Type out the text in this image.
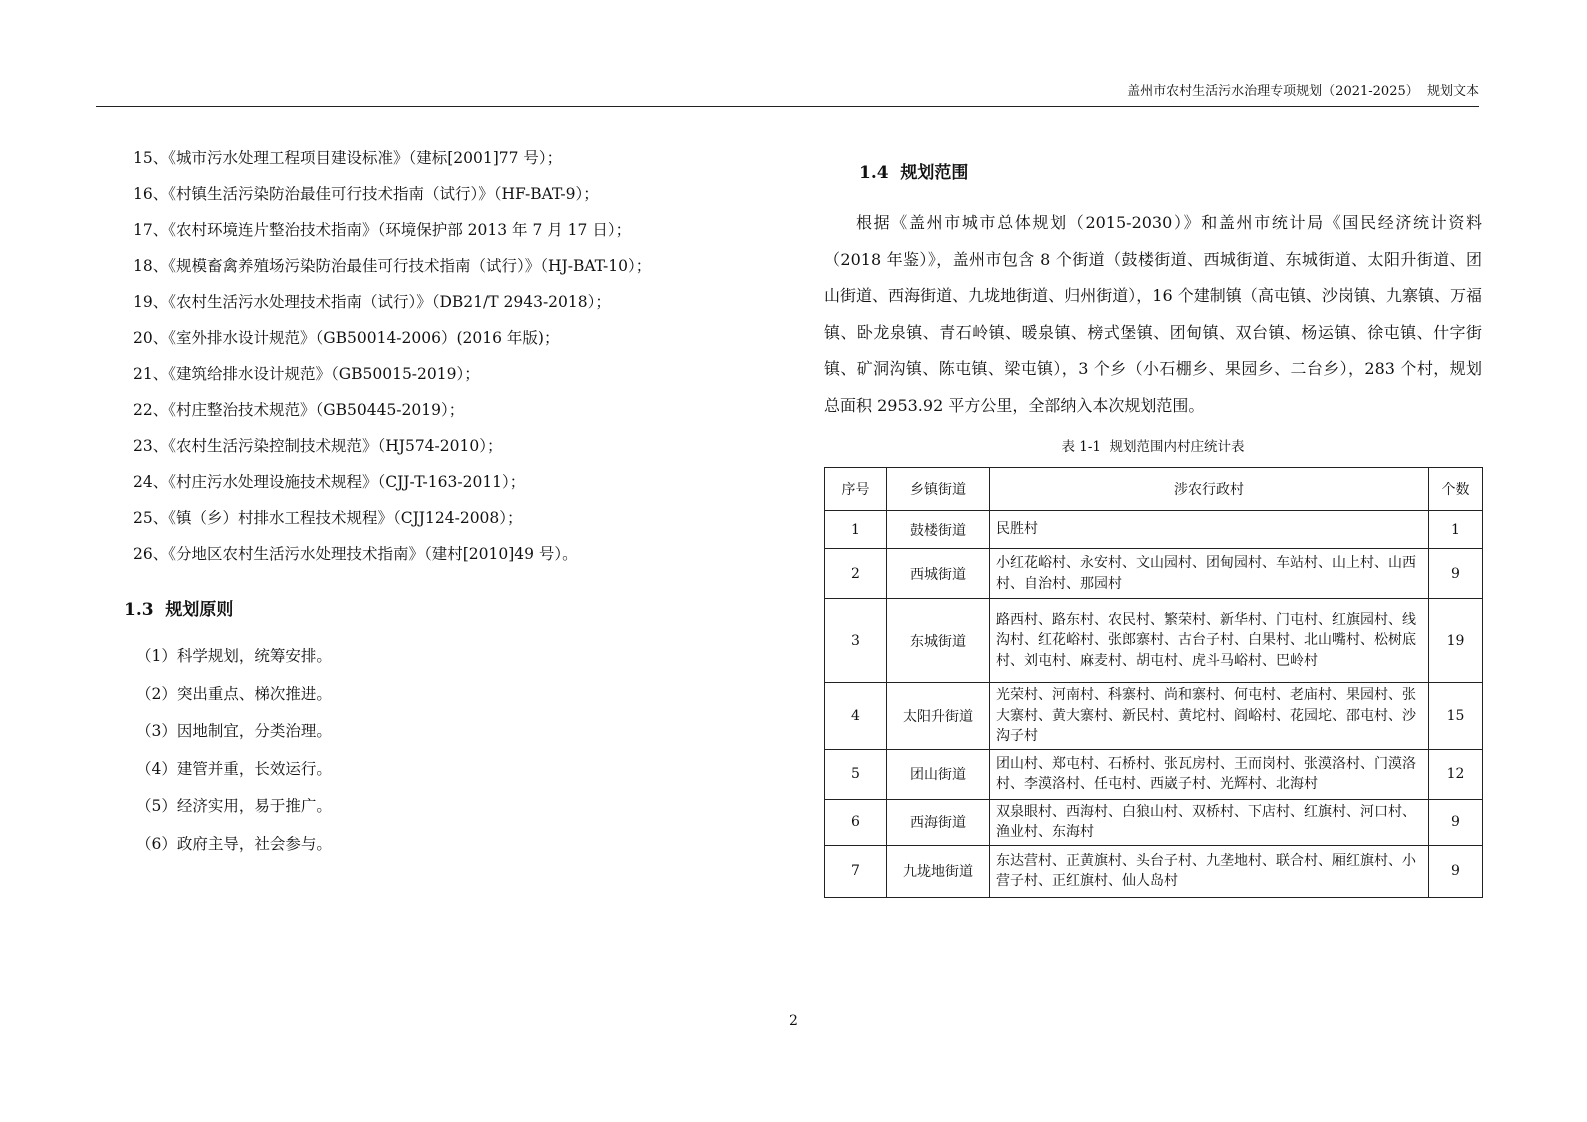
盖州市农村生活污水治理专项规划（2021-2025）  规划文本
15、《城市污水处理工程项目建设标准》（建标[2001]77 号）；
16、《村镇生活污染防治最佳可行技术指南（试行）》（HF-BAT-9）；
17、《农村环境连片整治技术指南》（环境保护部 2013 年 7 月 17 日）；
18、《规模畜禽养殖场污染防治最佳可行技术指南（试行）》（HJ-BAT-10）；
19、《农村生活污水处理技术指南（试行）》（DB21/T 2943-2018）；
20、《室外排水设计规范》（GB50014-2006）(2016 年版)；
21、《建筑给排水设计规范》（GB50015-2019）；
22、《村庄整治技术规范》（GB50445-2019）；
23、《农村生活污染控制技术规范》（HJ574-2010）；
24、《村庄污水处理设施技术规程》（CJJ-T-163-2011）；
25、《镇（乡）村排水工程技术规程》（CJJ124-2008）；
26、《分地区农村生活污水处理技术指南》（建村[2010]49 号）。
1.3  规划原则
（1）科学规划，统筹安排。
（2）突出重点、梯次推进。
（3）因地制宜，分类治理。
（4）建管并重，长效运行。
（5）经济实用，易于推广。
（6）政府主导，社会参与。
1.4  规划范围

根据《盖州市城市总体规划（2015-2030）》和盖州市统计局《国民经济统计资料（2018 年鉴）》，盖州市包含 8 个街道（鼓楼街道、西城街道、东城街道、太阳升街道、团山街道、西海街道、九垅地街道、归州街道），16 个建制镇（高屯镇、沙岗镇、九寨镇、万福镇、卧龙泉镇、青石岭镇、暖泉镇、榜式堡镇、团甸镇、双台镇、杨运镇、徐屯镇、什字街镇、矿洞沟镇、陈屯镇、梁屯镇），3 个乡（小石棚乡、果园乡、二台乡），283 个村，规划总面积 2953.92 平方公里，全部纳入本次规划范围。

表 1-1  规划范围内村庄统计表
序号	乡镇街道	涉农行政村	个数
1	鼓楼街道	民胜村	1
2	西城街道	小红花峪村、永安村、文山园村、团甸园村、车站村、山上村、山西村、自治村、那园村	9
3	东城街道	路西村、路东村、农民村、繁荣村、新华村、门屯村、红旗园村、线沟村、红花峪村、张郎寨村、古台子村、白果村、北山嘴村、松树底村、刘屯村、麻麦村、胡屯村、虎斗马峪村、巴岭村	19
4	太阳升街道	光荣村、河南村、科寨村、尚和寨村、何屯村、老庙村、果园村、张大寨村、黄大寨村、新民村、黄坨村、阎峪村、花园坨、邵屯村、沙沟子村	15
5	团山街道	团山村、郑屯村、石桥村、张瓦房村、王而岗村、张漠洛村、门漠洛村、李漠洛村、任屯村、西崴子村、光辉村、北海村	12
6	西海街道	双泉眼村、西海村、白狼山村、双桥村、下店村、红旗村、河口村、渔业村、东海村	9
7	九垅地街道	东达营村、正黄旗村、头台子村、九垄地村、联合村、厢红旗村、小营子村、正红旗村、仙人岛村	9
2
